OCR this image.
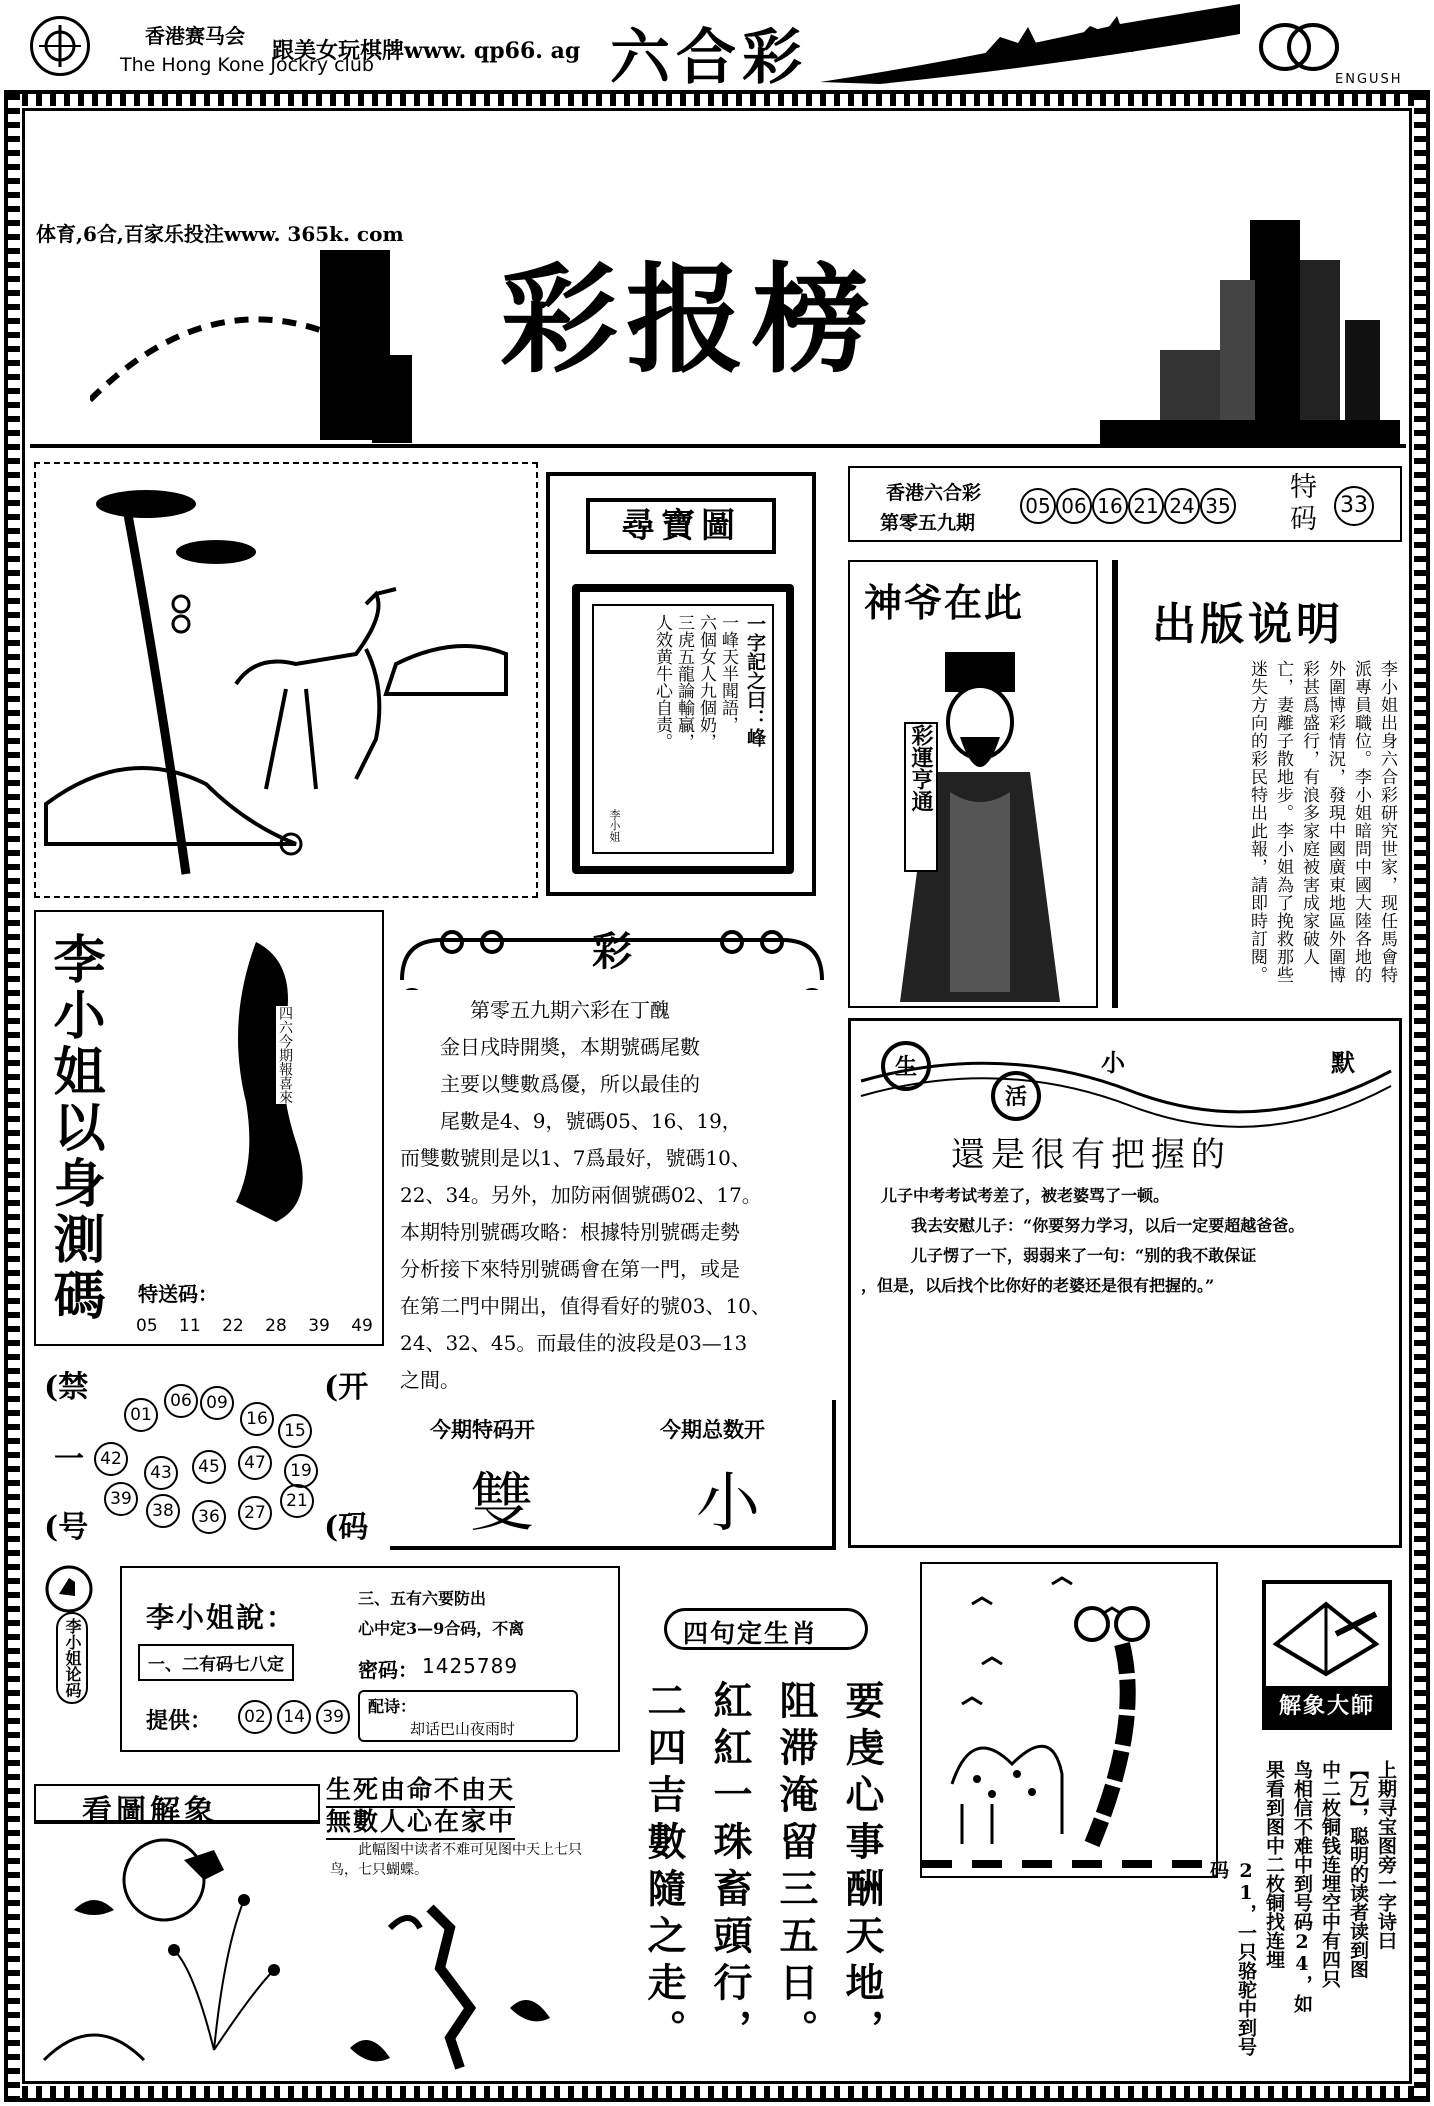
香港赛马会
The Hong Kone Jockry club
跟美女玩棋牌www. qp66. ag 六合彩	ENGUSH
体育,6合,百家乐投注www. 365k. com
彩报榜
尋寶圖
一字記之曰：峰
一峰天半聞語，
六個女人九個奶，
三虎五龍論輸贏，
人效黄牛心自责。
李小姐
香港六合彩
第零五九期
05 06 16 21 24 35
特码 33
神爷在此
彩運亨通
出版说明
李小姐出身六合彩研究世家，现任馬會特派專員職位。李小姐暗問中國大陸各地的外圍博彩情況，發現中國廣東地區外圍博彩甚爲盛行，有浪多家庭被害成家破人亡，妻離子散地步。李小姐為了挽救那些迷失方向的彩民特出此報，請即時訂閱。
李小姐以身測碼	四六今期報喜來
特送码：
05 11 22 28 39 49
彩
第零五九期六彩在丁醜
金日戌時開奬，本期號碼尾數
主要以雙數爲優，所以最佳的
尾數是4、9，號碼05、16、19，
而雙數號則是以1、7爲最好，號碼10、
22、34。另外，加防兩個號碼02、17。
本期特別號碼攻略：根據特別號碼走勢
分析接下來特別號碼會在第一門，或是
在第二門中開出，值得看好的號03、10、
24、32、45。而最佳的波段是03—13
之間。
生
活
小	默
還是很有把握的
儿子中考考试考差了，被老婆骂了一顿。
我去安慰儿子：“你要努力学习，以后一定要超越爸爸。
儿子愣了一下，弱弱来了一句：“别的我不敢保证
，但是，以后找个比你好的老婆还是很有把握的。”
(禁
一
(号
(开
(码
01
06 09
16
15
42
43	45	47	19
39
38	36	27
21
今期特码开
雙
今期总数开
小
李小姐论码
李小姐說：
三、五有六要防出
心中定3—9合码，不离
一、二有码七八定	密码： 1425789
提供：	02 14 39
配诗：
却话巴山夜雨时
看圖解象
生死由命不由天
無數人心在家中
此幅图中读者不难可见图中天上七只鸟，七只蝴蝶。
四句定生肖
要虔心事酬天地，
阻滞淹留三五日。
紅紅一珠畜頭行，
二四吉數隨之走。	解象大師
上期寻宝图旁一字诗曰
【万】，聪明的读者读到图
中二枚铜钱连埋空中有四只
鸟相信不难中到号码24，如
果看到图中二枚铜找连埋
21，一只骆驼中到号码
